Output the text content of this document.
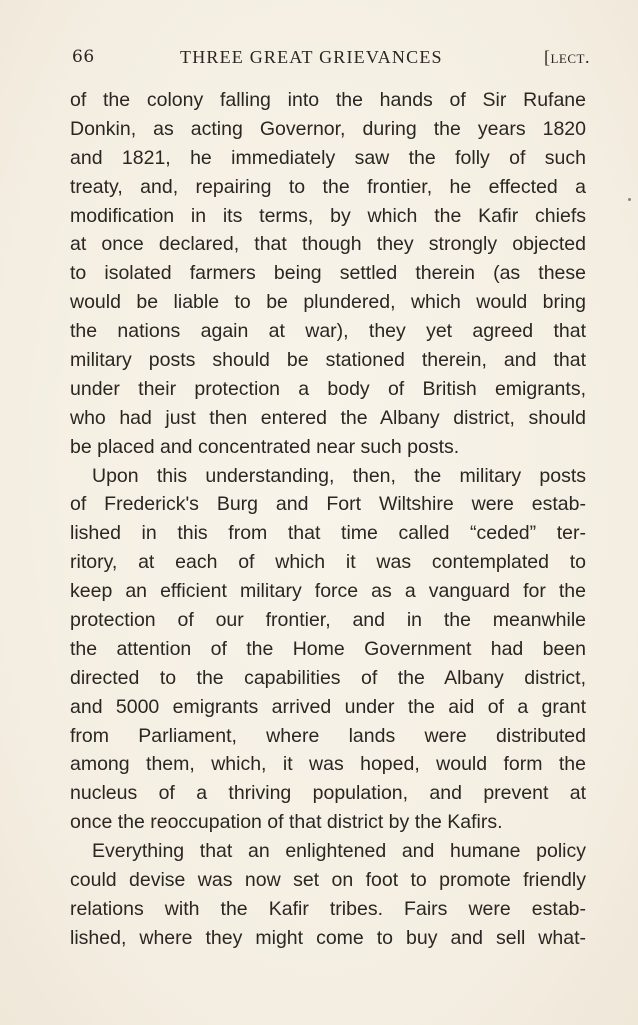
66	THREE GREAT GRIEVANCES	[lect.
of the colony falling into the hands of Sir Rufane
Donkin, as acting Governor, during the years 1820
and 1821, he immediately saw the folly of such
treaty, and, repairing to the frontier, he effected a
modification in its terms, by which the Kafir chiefs
at once declared, that though they strongly objected
to isolated farmers being settled therein (as these
would be liable to be plundered, which would bring
the nations again at war), they yet agreed that
military posts should be stationed therein, and that
under their protection a body of British emigrants,
who had just then entered the Albany district, should
be placed and concentrated near such posts.
Upon this understanding, then, the military posts
of Frederick's Burg and Fort Wiltshire were estab-
lished in this from that time called “ceded” ter-
ritory, at each of which it was contemplated to
keep an efficient military force as a vanguard for the
protection of our frontier, and in the meanwhile
the attention of the Home Government had been
directed to the capabilities of the Albany district,
and 5000 emigrants arrived under the aid of a grant
from Parliament, where lands were distributed
among them, which, it was hoped, would form the
nucleus of a thriving population, and prevent at
once the reoccupation of that district by the Kafirs.
Everything that an enlightened and humane policy
could devise was now set on foot to promote friendly
relations with the Kafir tribes. Fairs were estab-
lished, where they might come to buy and sell what-
